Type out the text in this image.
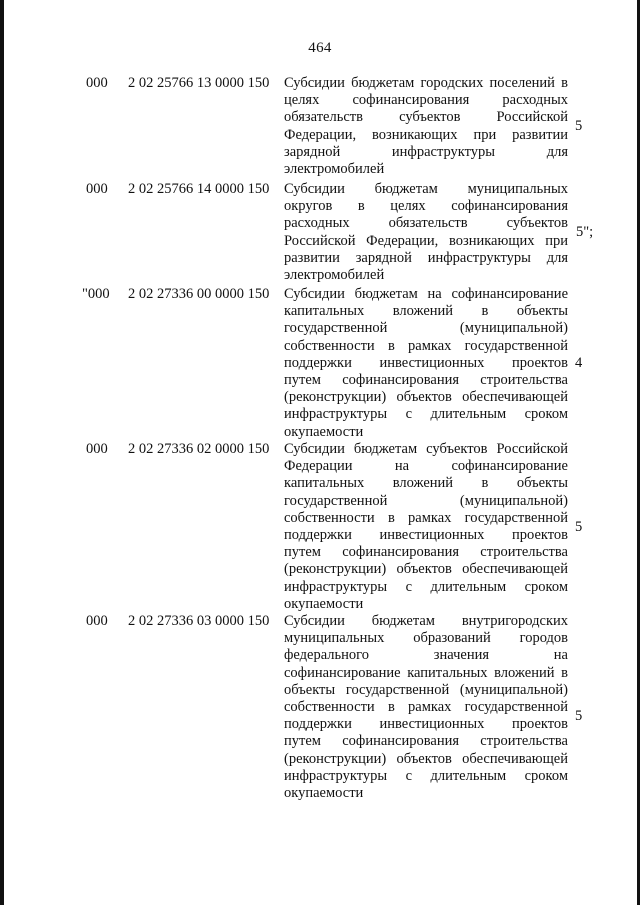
464
000 2 02 25766 13 0000 150 Субсидии бюджетам городских поселений в
целях софинансирования расходных
обязательств субъектов Российской
Федерации, возникающих при развитии
зарядной инфраструктуры для
электромобилей
5
000 2 02 25766 14 0000 150 Субсидии бюджетам муниципальных
округов в целях софинансирования
расходных обязательств субъектов
Российской Федерации, возникающих при
развитии зарядной инфраструктуры для
электромобилей
5";
"000 2 02 27336 00 0000 150 Субсидии бюджетам на софинансирование
капитальных вложений в объекты
государственной (муниципальной)
собственности в рамках государственной
поддержки инвестиционных проектов
путем софинансирования строительства
(реконструкции) объектов обеспечивающей
инфраструктуры с длительным сроком
окупаемости
4
000 2 02 27336 02 0000 150 Субсидии бюджетам субъектов Российской
Федерации на софинансирование
капитальных вложений в объекты
государственной (муниципальной)
собственности в рамках государственной
поддержки инвестиционных проектов
путем софинансирования строительства
(реконструкции) объектов обеспечивающей
инфраструктуры с длительным сроком
окупаемости
5
000 2 02 27336 03 0000 150 Субсидии бюджетам внутригородских
муниципальных образований городов
федерального значения на
софинансирование капитальных вложений в
объекты государственной (муниципальной)
собственности в рамках государственной
поддержки инвестиционных проектов
путем софинансирования строительства
(реконструкции) объектов обеспечивающей
инфраструктуры с длительным сроком
окупаемости
5
